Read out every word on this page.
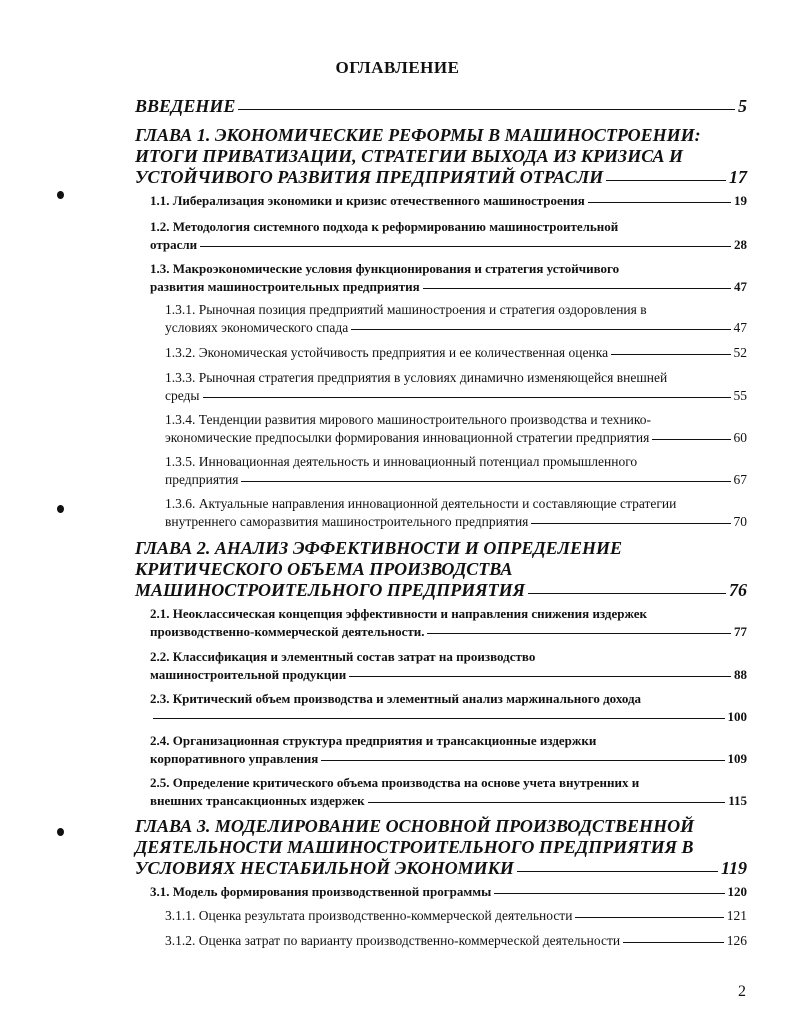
ОГЛАВЛЕНИЕ
ВВЕДЕНИЕ	5
ГЛАВА 1. ЭКОНОМИЧЕСКИЕ РЕФОРМЫ В МАШИНОСТРОЕНИИ:
ИТОГИ ПРИВАТИЗАЦИИ, СТРАТЕГИИ ВЫХОДА ИЗ КРИЗИСА И
УСТОЙЧИВОГО РАЗВИТИЯ ПРЕДПРИЯТИЙ ОТРАСЛИ	17
1.1. Либерализация экономики и кризис отечественного машиностроения	19
1.2. Методология системного подхода к реформированию машиностроительной
отрасли	28
1.3. Макроэкономические условия функционирования и стратегия устойчивого
развития машиностроительных предприятия	47
1.3.1. Рыночная позиция предприятий машиностроения и стратегия оздоровления в
условиях экономического спада	47
1.3.2. Экономическая устойчивость предприятия и ее количественная оценка	52
1.3.3. Рыночная стратегия предприятия в условиях динамично изменяющейся внешней
среды	55
1.3.4. Тенденции развития мирового машиностроительного производства и технико-
экономические предпосылки формирования инновационной стратегии предприятия	60
1.3.5. Инновационная деятельность и инновационный потенциал промышленного
предприятия	67
1.3.6. Актуальные направления инновационной деятельности и составляющие стратегии
внутреннего саморазвития машиностроительного предприятия	70
ГЛАВА 2. АНАЛИЗ ЭФФЕКТИВНОСТИ И ОПРЕДЕЛЕНИЕ
КРИТИЧЕСКОГО ОБЪЕМА ПРОИЗВОДСТВА
МАШИНОСТРОИТЕЛЬНОГО ПРЕДПРИЯТИЯ	76
2.1. Неоклассическая концепция эффективности и направления снижения издержек
производственно-коммерческой деятельности.	77
2.2. Классификация и элементный состав затрат на производство
машиностроительной продукции	88
2.3. Критический объем производства и элементный анализ маржинального дохода
100
2.4. Организационная структура предприятия и трансакционные издержки
корпоративного управления	109
2.5. Определение критического объема производства на основе учета внутренних и
внешних трансакционных издержек	115
ГЛАВА 3. МОДЕЛИРОВАНИЕ ОСНОВНОЙ ПРОИЗВОДСТВЕННОЙ
ДЕЯТЕЛЬНОСТИ МАШИНОСТРОИТЕЛЬНОГО ПРЕДПРИЯТИЯ В
УСЛОВИЯХ НЕСТАБИЛЬНОЙ ЭКОНОМИКИ	119
3.1. Модель формирования производственной программы	120
3.1.1. Оценка результата производственно-коммерческой деятельности	121
3.1.2. Оценка затрат по варианту производственно-коммерческой деятельности	126
2
